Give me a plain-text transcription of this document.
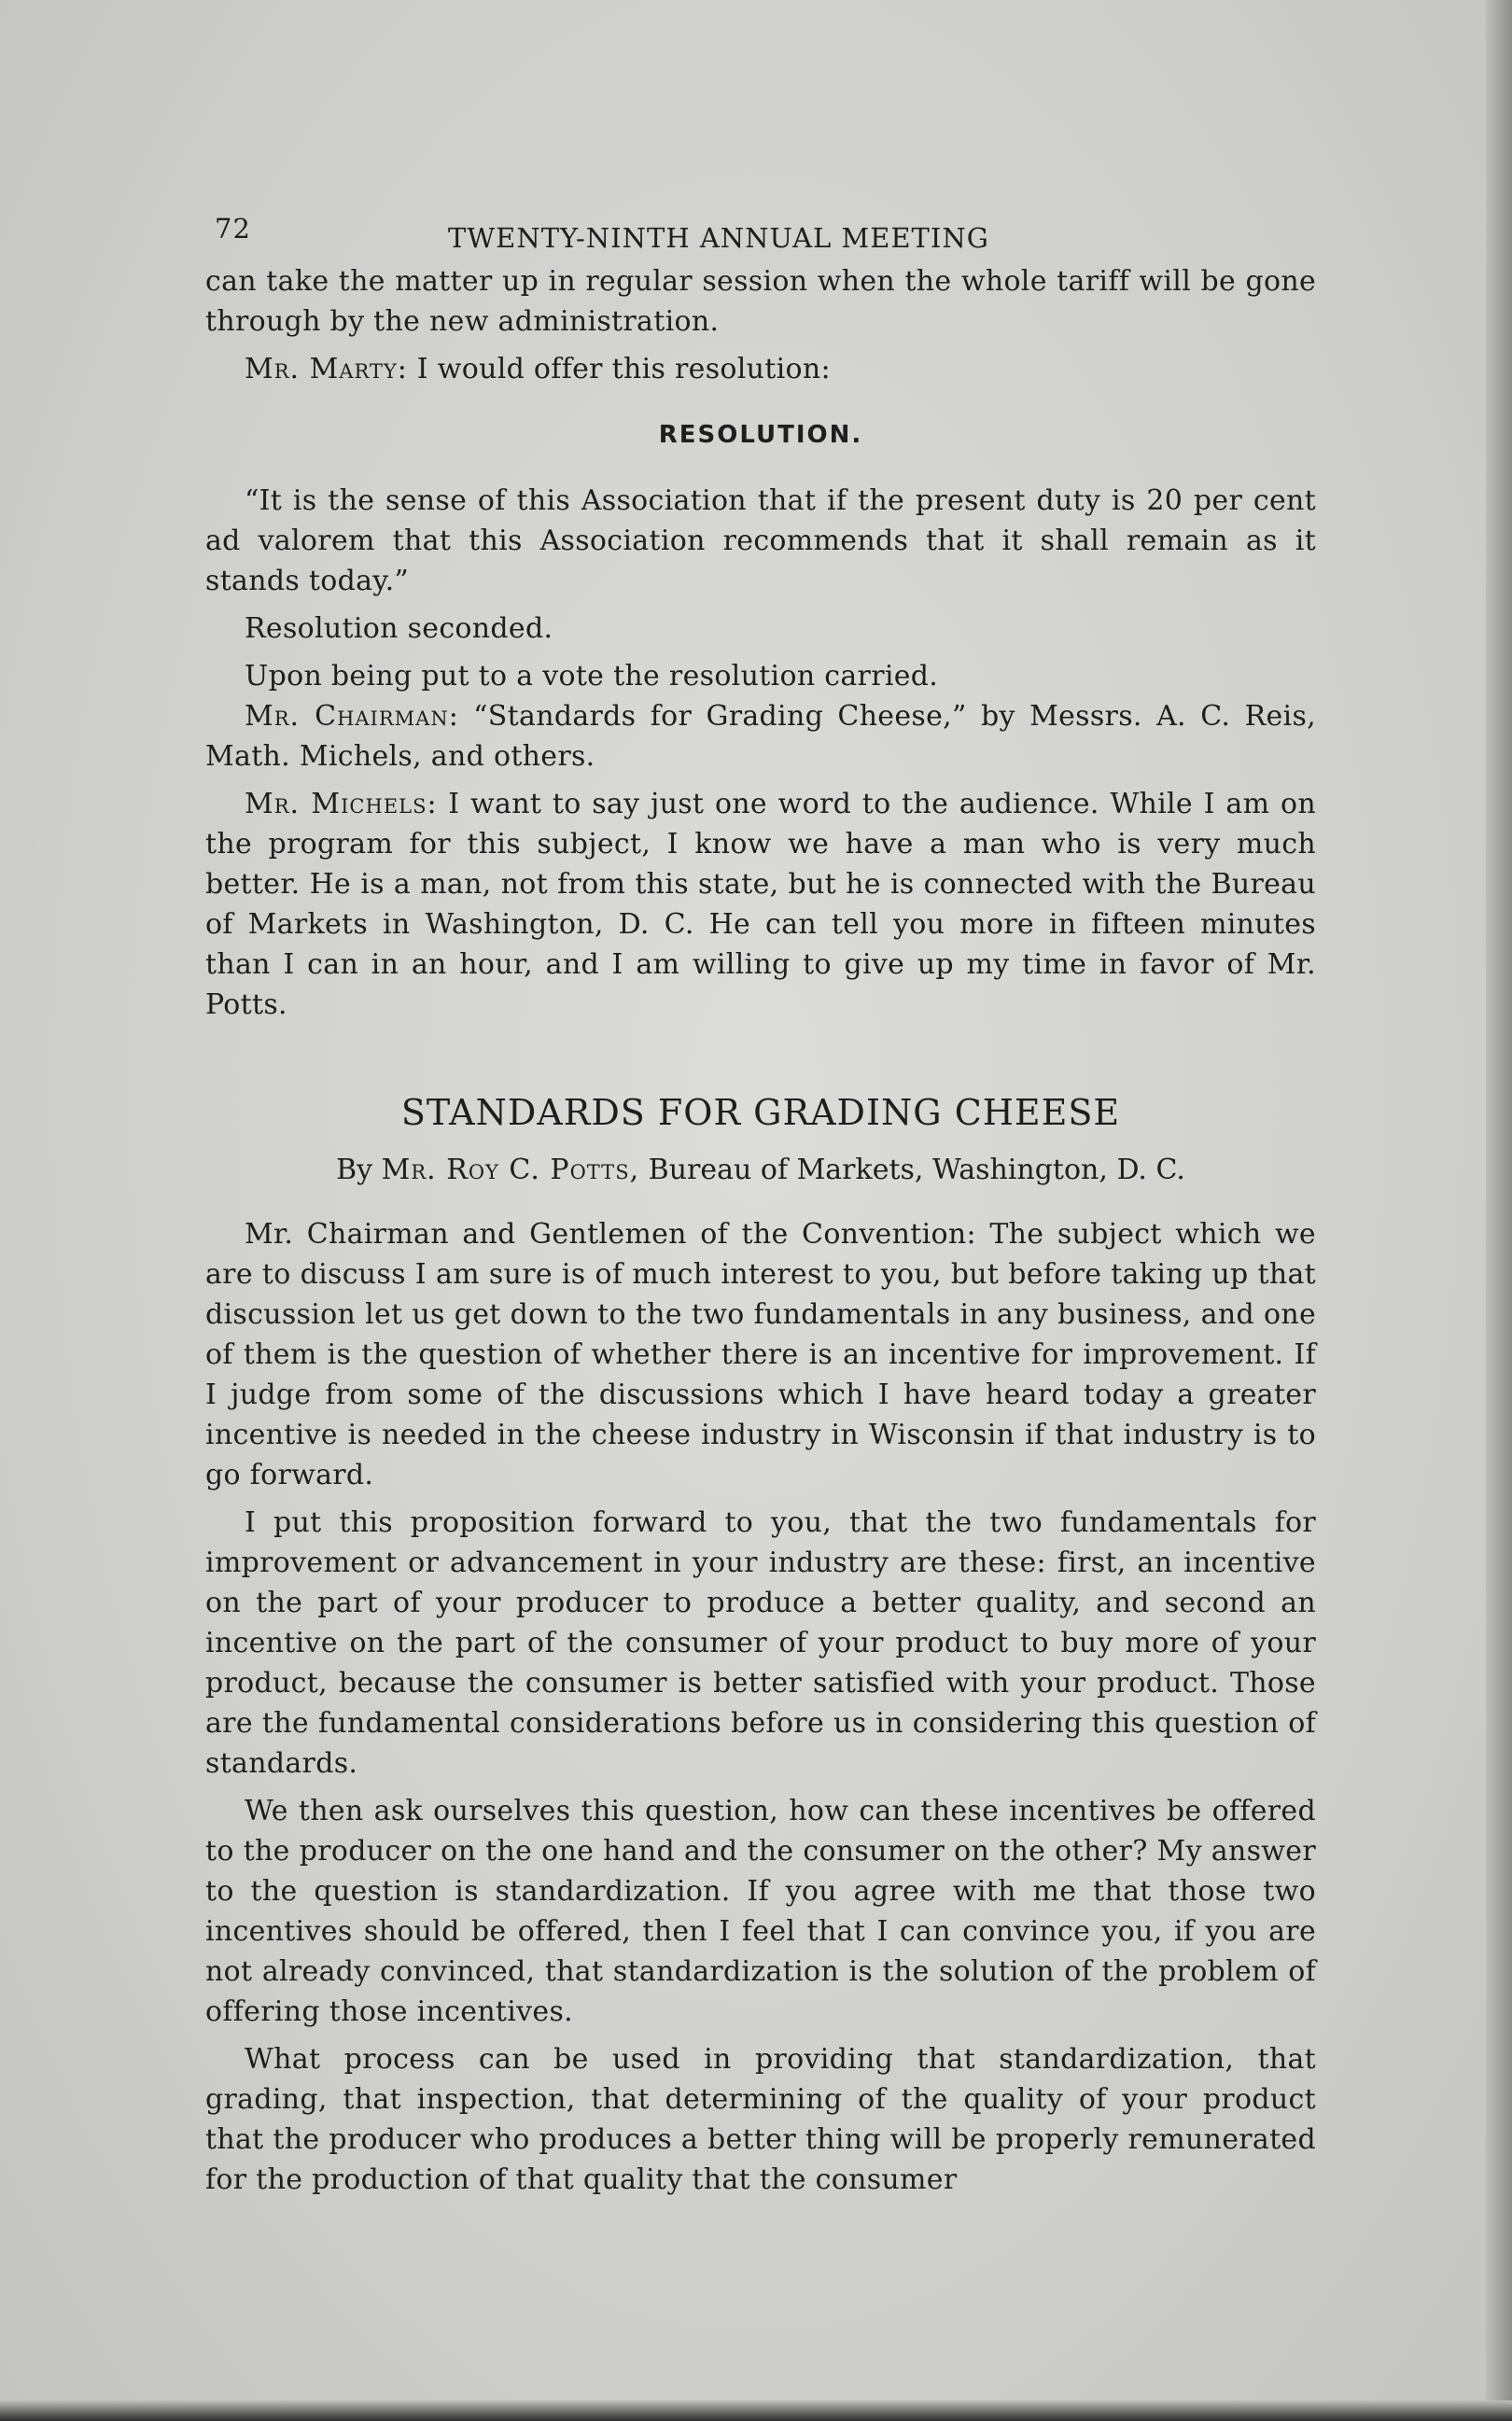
72	TWENTY-NINTH ANNUAL MEETING

can take the matter up in regular session when the whole tariff will be gone through by the new administration.

Mr. Marty: I would offer this resolution:

RESOLUTION.

“It is the sense of this Association that if the present duty is 20 per cent ad valorem that this Association recommends that it shall remain as it stands today.”

Resolution seconded.

Upon being put to a vote the resolution carried.

Mr. Chairman: “Standards for Grading Cheese,” by Messrs. A. C. Reis, Math. Michels, and others.

Mr. Michels: I want to say just one word to the audience. While I am on the program for this subject, I know we have a man who is very much better. He is a man, not from this state, but he is connected with the Bureau of Markets in Washington, D. C. He can tell you more in fifteen minutes than I can in an hour, and I am willing to give up my time in favor of Mr. Potts.

STANDARDS FOR GRADING CHEESE
By Mr. Roy C. Potts, Bureau of Markets, Washington, D. C.

Mr. Chairman and Gentlemen of the Convention: The subject which we are to discuss I am sure is of much interest to you, but before taking up that discussion let us get down to the two fundamentals in any business, and one of them is the question of whether there is an incentive for improvement. If I judge from some of the discussions which I have heard today a greater incentive is needed in the cheese industry in Wisconsin if that industry is to go forward.

I put this proposition forward to you, that the two fundamentals for improvement or advancement in your industry are these: first, an incentive on the part of your producer to produce a better quality, and second an incentive on the part of the consumer of your product to buy more of your product, because the consumer is better satisfied with your product. Those are the fundamental considerations before us in considering this question of standards.

We then ask ourselves this question, how can these incentives be offered to the producer on the one hand and the consumer on the other? My answer to the question is standardization. If you agree with me that those two incentives should be offered, then I feel that I can convince you, if you are not already convinced, that standardization is the solution of the problem of offering those incentives.

What process can be used in providing that standardization, that grading, that inspection, that determining of the quality of your product that the producer who produces a better thing will be properly remunerated for the production of that quality that the consumer
